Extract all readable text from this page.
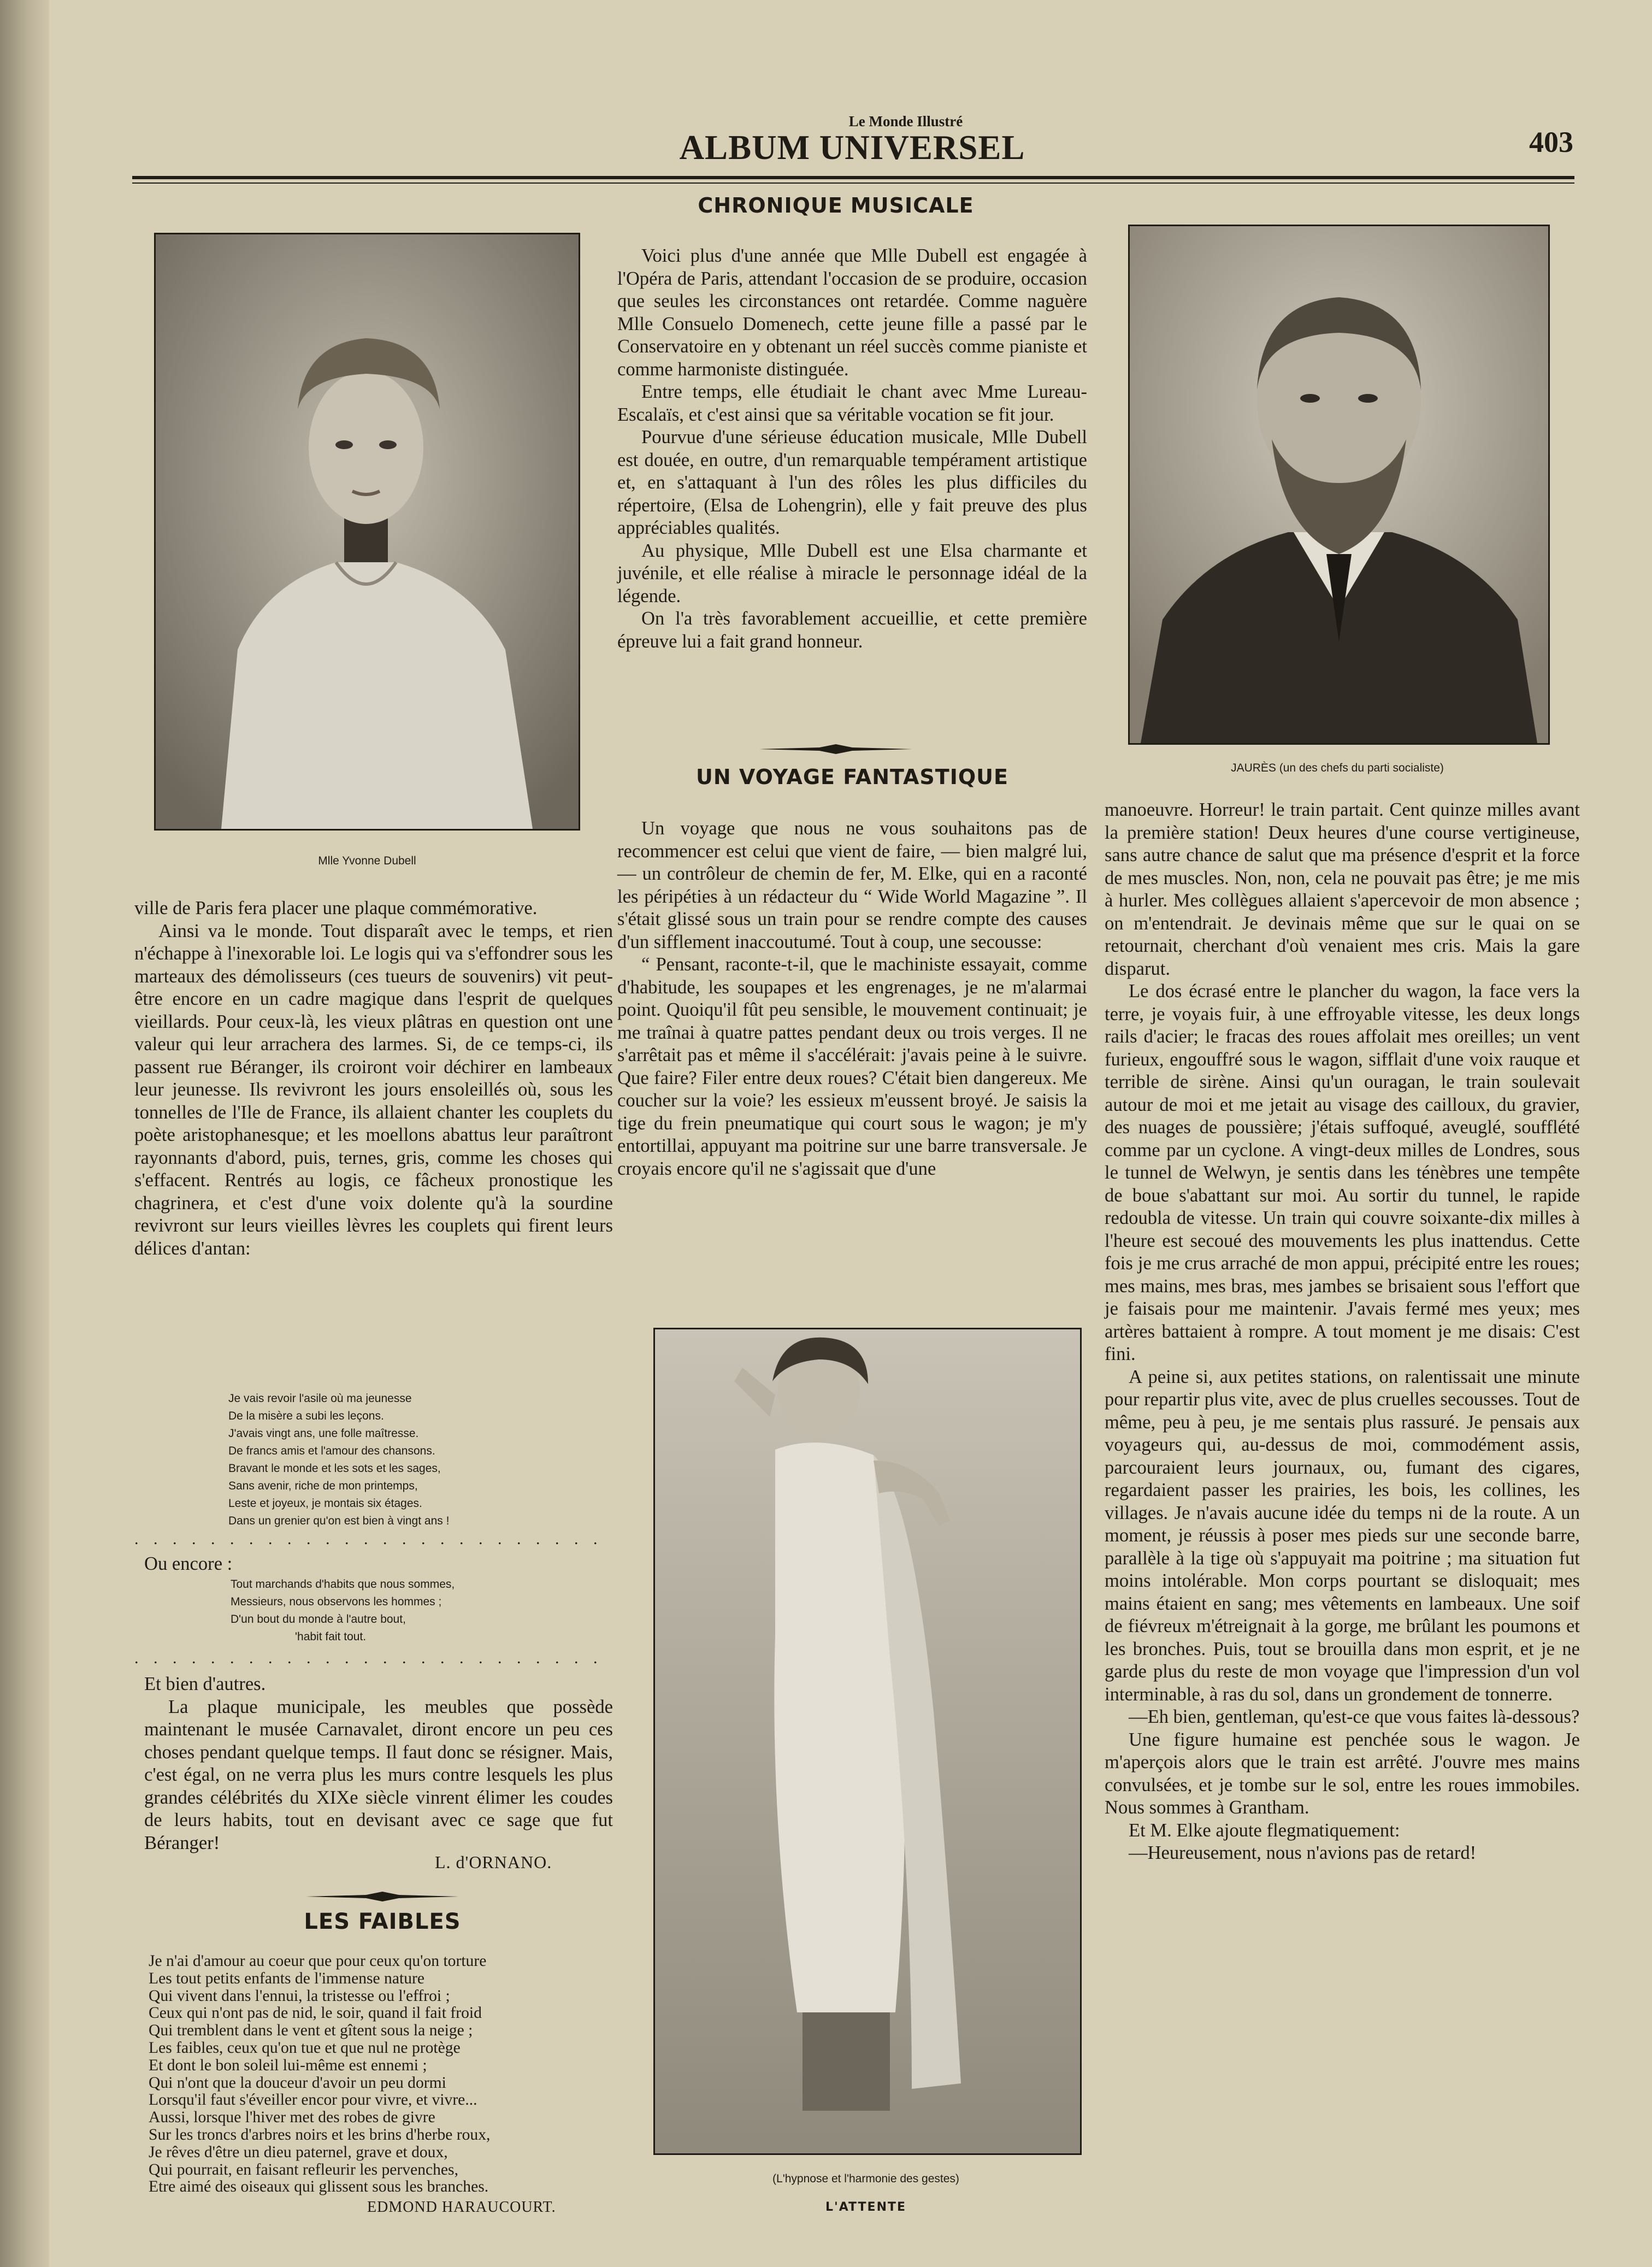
Le Monde Illustré
ALBUM UNIVERSEL	403
Mlle Yvonne Dubell
JAURÈS (un des chefs du parti socialiste)
CHRONIQUE MUSICALE

Voici plus d'une année que Mlle Dubell est engagée à l'Opéra de Paris, attendant l'occasion de se produire, occasion que seules les circonstances ont retardée. Comme naguère Mlle Consuelo Domenech, cette jeune fille a passé par le Conservatoire en y obtenant un réel succès comme pianiste et comme harmoniste distinguée.

Entre temps, elle étudiait le chant avec Mme Lureau-Escalaïs, et c'est ainsi que sa véritable vocation se fit jour.

Pourvue d'une sérieuse éducation musicale, Mlle Dubell est douée, en outre, d'un remarquable tempérament artistique et, en s'attaquant à l'un des rôles les plus difficiles du répertoire, (Elsa de Lohengrin), elle y fait preuve des plus appréciables qualités.

Au physique, Mlle Dubell est une Elsa charmante et juvénile, et elle réalise à miracle le personnage idéal de la légende.

On l'a très favorablement accueillie, et cette première épreuve lui a fait grand honneur.

UN VOYAGE FANTASTIQUE

Un voyage que nous ne vous souhaitons pas de recommencer est celui que vient de faire, — bien malgré lui, — un contrôleur de chemin de fer, M. Elke, qui en a raconté les péripéties à un rédacteur du “ Wide World Magazine ”. Il s'était glissé sous un train pour se rendre compte des causes d'un sifflement inaccoutumé. Tout à coup, une secousse:

“ Pensant, raconte-t-il, que le machiniste essayait, comme d'habitude, les soupapes et les engrenages, je ne m'alarmai point. Quoiqu'il fût peu sensible, le mouvement continuait; je me traînai à quatre pattes pendant deux ou trois verges. Il ne s'arrêtait pas et même il s'accélérait: j'avais peine à le suivre. Que faire? Filer entre deux roues? C'était bien dangereux. Me coucher sur la voie? les essieux m'eussent broyé. Je saisis la tige du frein pneumatique qui court sous le wagon; je m'y entortillai, appuyant ma poitrine sur une barre transversale. Je croyais encore qu'il ne s'agissait que d'une

manoeuvre. Horreur! le train partait. Cent quinze milles avant la première station! Deux heures d'une course vertigineuse, sans autre chance de salut que ma présence d'esprit et la force de mes muscles. Non, non, cela ne pouvait pas être; je me mis à hurler. Mes collègues allaient s'apercevoir de mon absence ; on m'entendrait. Je devinais même que sur le quai on se retournait, cherchant d'où venaient mes cris. Mais la gare disparut.

Le dos écrasé entre le plancher du wagon, la face vers la terre, je voyais fuir, à une effroyable vitesse, les deux longs rails d'acier; le fracas des roues affolait mes oreilles; un vent furieux, engouffré sous le wagon, sifflait d'une voix rauque et terrible de sirène. Ainsi qu'un ouragan, le train soulevait autour de moi et me jetait au visage des cailloux, du gravier, des nuages de poussière; j'étais suffoqué, aveuglé, soufflété comme par un cyclone. A vingt-deux milles de Londres, sous le tunnel de Welwyn, je sentis dans les ténèbres une tempête de boue s'abattant sur moi. Au sortir du tunnel, le rapide redoubla de vitesse. Un train qui couvre soixante-dix milles à l'heure est secoué des mouvements les plus inattendus. Cette fois je me crus arraché de mon appui, précipité entre les roues; mes mains, mes bras, mes jambes se brisaient sous l'effort que je faisais pour me maintenir. J'avais fermé mes yeux; mes artères battaient à rompre. A tout moment je me disais: C'est fini.

A peine si, aux petites stations, on ralentissait une minute pour repartir plus vite, avec de plus cruelles secousses. Tout de même, peu à peu, je me sentais plus rassuré. Je pensais aux voyageurs qui, au-dessus de moi, commodément assis, parcouraient leurs journaux, ou, fumant des cigares, regardaient passer les prairies, les bois, les collines, les villages. Je n'avais aucune idée du temps ni de la route. A un moment, je réussis à poser mes pieds sur une seconde barre, parallèle à la tige où s'appuyait ma poitrine ; ma situation fut moins intolérable. Mon corps pourtant se disloquait; mes mains étaient en sang; mes vêtements en lambeaux. Une soif de fiévreux m'étreignait à la gorge, me brûlant les poumons et les bronches. Puis, tout se brouilla dans mon esprit, et je ne garde plus du reste de mon voyage que l'impression d'un vol interminable, à ras du sol, dans un grondement de tonnerre.

—Eh bien, gentleman, qu'est-ce que vous faites là-dessous?

Une figure humaine est penchée sous le wagon. Je m'aperçois alors que le train est arrêté. J'ouvre mes mains convulsées, et je tombe sur le sol, entre les roues immobiles. Nous sommes à Grantham.

Et M. Elke ajoute flegmatiquement:

—Heureusement, nous n'avions pas de retard!

(L'hypnose et l'harmonie des gestes)
L'ATTENTE

ville de Paris fera placer une plaque commémorative.

Ainsi va le monde. Tout disparaît avec le temps, et rien n'échappe à l'inexorable loi. Le logis qui va s'effondrer sous les marteaux des démolisseurs (ces tueurs de souvenirs) vit peut-être encore en un cadre magique dans l'esprit de quelques vieillards. Pour ceux-là, les vieux plâtras en question ont une valeur qui leur arrachera des larmes. Si, de ce temps-ci, ils passent rue Béranger, ils croiront voir déchirer en lambeaux leur jeunesse. Ils revivront les jours ensoleillés où, sous les tonnelles de l'Ile de France, ils allaient chanter les couplets du poète aristophanesque; et les moellons abattus leur paraîtront rayonnants d'abord, puis, ternes, gris, comme les choses qui s'effacent. Rentrés au logis, ce fâcheux pronostique les chagrinera, et c'est d'une voix dolente qu'à la sourdine revivront sur leurs vieilles lèvres les couplets qui firent leurs délices d'antan:

Je vais revoir l'asile où ma jeunesse

De la misère a subi les leçons.

J'avais vingt ans, une folle maîtresse.

De francs amis et l'amour des chansons.

Bravant le monde et les sots et les sages,

Sans avenir, riche de mon printemps,

Leste et joyeux, je montais six étages.

Dans un grenier qu'on est bien à vingt ans !

. . . . . . . . . . . . . . . . . . . . . . . . .

Ou encore :

Tout marchands d'habits que nous sommes,

Messieurs, nous observons les hommes ;

D'un bout du monde à l'autre bout,

'habit fait tout.

. . . . . . . . . . . . . . . . . . . . . . . . .

Et bien d'autres.

La plaque municipale, les meubles que possède maintenant le musée Carnavalet, diront encore un peu ces choses pendant quelque temps. Il faut donc se résigner. Mais, c'est égal, on ne verra plus les murs contre lesquels les plus grandes célébrités du XIXe siècle vinrent élimer les coudes de leurs habits, tout en devisant avec ce sage que fut Béranger!

L. d'ORNANO.
LES FAIBLES

Je n'ai d'amour au coeur que pour ceux qu'on torture

Les tout petits enfants de l'immense nature

Qui vivent dans l'ennui, la tristesse ou l'effroi ;

Ceux qui n'ont pas de nid, le soir, quand il fait froid

Qui tremblent dans le vent et gîtent sous la neige ;

Les faibles, ceux qu'on tue et que nul ne protège

Et dont le bon soleil lui-même est ennemi ;

Qui n'ont que la douceur d'avoir un peu dormi

Lorsqu'il faut s'éveiller encor pour vivre, et vivre...

Aussi, lorsque l'hiver met des robes de givre

Sur les troncs d'arbres noirs et les brins d'herbe roux,

Je rêves d'être un dieu paternel, grave et doux,

Qui pourrait, en faisant refleurir les pervenches,

Etre aimé des oiseaux qui glissent sous les branches.

EDMOND HARAUCOURT.
